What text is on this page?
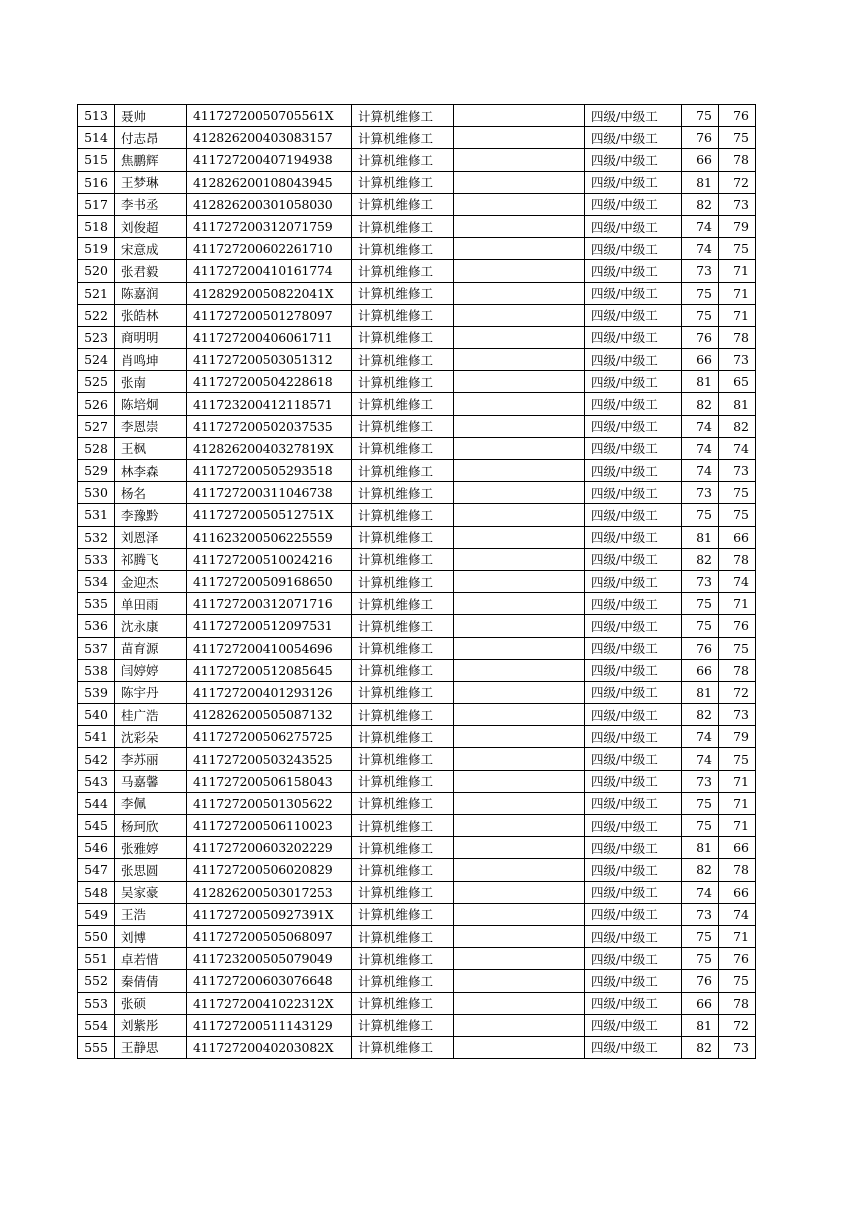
513	聂帅	41172720050705561X	计算机维修工		四级/中级工	75	76
514	付志昂	412826200403083157	计算机维修工		四级/中级工	76	75
515	焦鹏辉	411727200407194938	计算机维修工		四级/中级工	66	78
516	王梦琳	412826200108043945	计算机维修工		四级/中级工	81	72
517	李书丞	412826200301058030	计算机维修工		四级/中级工	82	73
518	刘俊超	411727200312071759	计算机维修工		四级/中级工	74	79
519	宋意成	411727200602261710	计算机维修工		四级/中级工	74	75
520	张君毅	411727200410161774	计算机维修工		四级/中级工	73	71
521	陈嘉润	41282920050822041X	计算机维修工		四级/中级工	75	71
522	张皓林	411727200501278097	计算机维修工		四级/中级工	75	71
523	商明明	411727200406061711	计算机维修工		四级/中级工	76	78
524	肖鸣坤	411727200503051312	计算机维修工		四级/中级工	66	73
525	张南	411727200504228618	计算机维修工		四级/中级工	81	65
526	陈培炯	411723200412118571	计算机维修工		四级/中级工	82	81
527	李恩崇	411727200502037535	计算机维修工		四级/中级工	74	82
528	王枫	41282620040327819X	计算机维修工		四级/中级工	74	74
529	林李森	411727200505293518	计算机维修工		四级/中级工	74	73
530	杨名	411727200311046738	计算机维修工		四级/中级工	73	75
531	李豫黔	41172720050512751X	计算机维修工		四级/中级工	75	75
532	刘恩泽	411623200506225559	计算机维修工		四级/中级工	81	66
533	祁腾飞	411727200510024216	计算机维修工		四级/中级工	82	78
534	金迎杰	411727200509168650	计算机维修工		四级/中级工	73	74
535	单田雨	411727200312071716	计算机维修工		四级/中级工	75	71
536	沈永康	411727200512097531	计算机维修工		四级/中级工	75	76
537	苗育源	411727200410054696	计算机维修工		四级/中级工	76	75
538	闫婷婷	411727200512085645	计算机维修工		四级/中级工	66	78
539	陈宇丹	411727200401293126	计算机维修工		四级/中级工	81	72
540	桂广浩	412826200505087132	计算机维修工		四级/中级工	82	73
541	沈彩朵	411727200506275725	计算机维修工		四级/中级工	74	79
542	李苏丽	411727200503243525	计算机维修工		四级/中级工	74	75
543	马嘉馨	411727200506158043	计算机维修工		四级/中级工	73	71
544	李佩	411727200501305622	计算机维修工		四级/中级工	75	71
545	杨珂欣	411727200506110023	计算机维修工		四级/中级工	75	71
546	张雅婷	411727200603202229	计算机维修工		四级/中级工	81	66
547	张思圆	411727200506020829	计算机维修工		四级/中级工	82	78
548	吴家豪	412826200503017253	计算机维修工		四级/中级工	74	66
549	王浩	41172720050927391X	计算机维修工		四级/中级工	73	74
550	刘博	411727200505068097	计算机维修工		四级/中级工	75	71
551	卓若惜	411723200505079049	计算机维修工		四级/中级工	75	76
552	秦倩倩	411727200603076648	计算机维修工		四级/中级工	76	75
553	张硕	41172720041022312X	计算机维修工		四级/中级工	66	78
554	刘紫彤	411727200511143129	计算机维修工		四级/中级工	81	72
555	王静思	41172720040203082X	计算机维修工		四级/中级工	82	73
